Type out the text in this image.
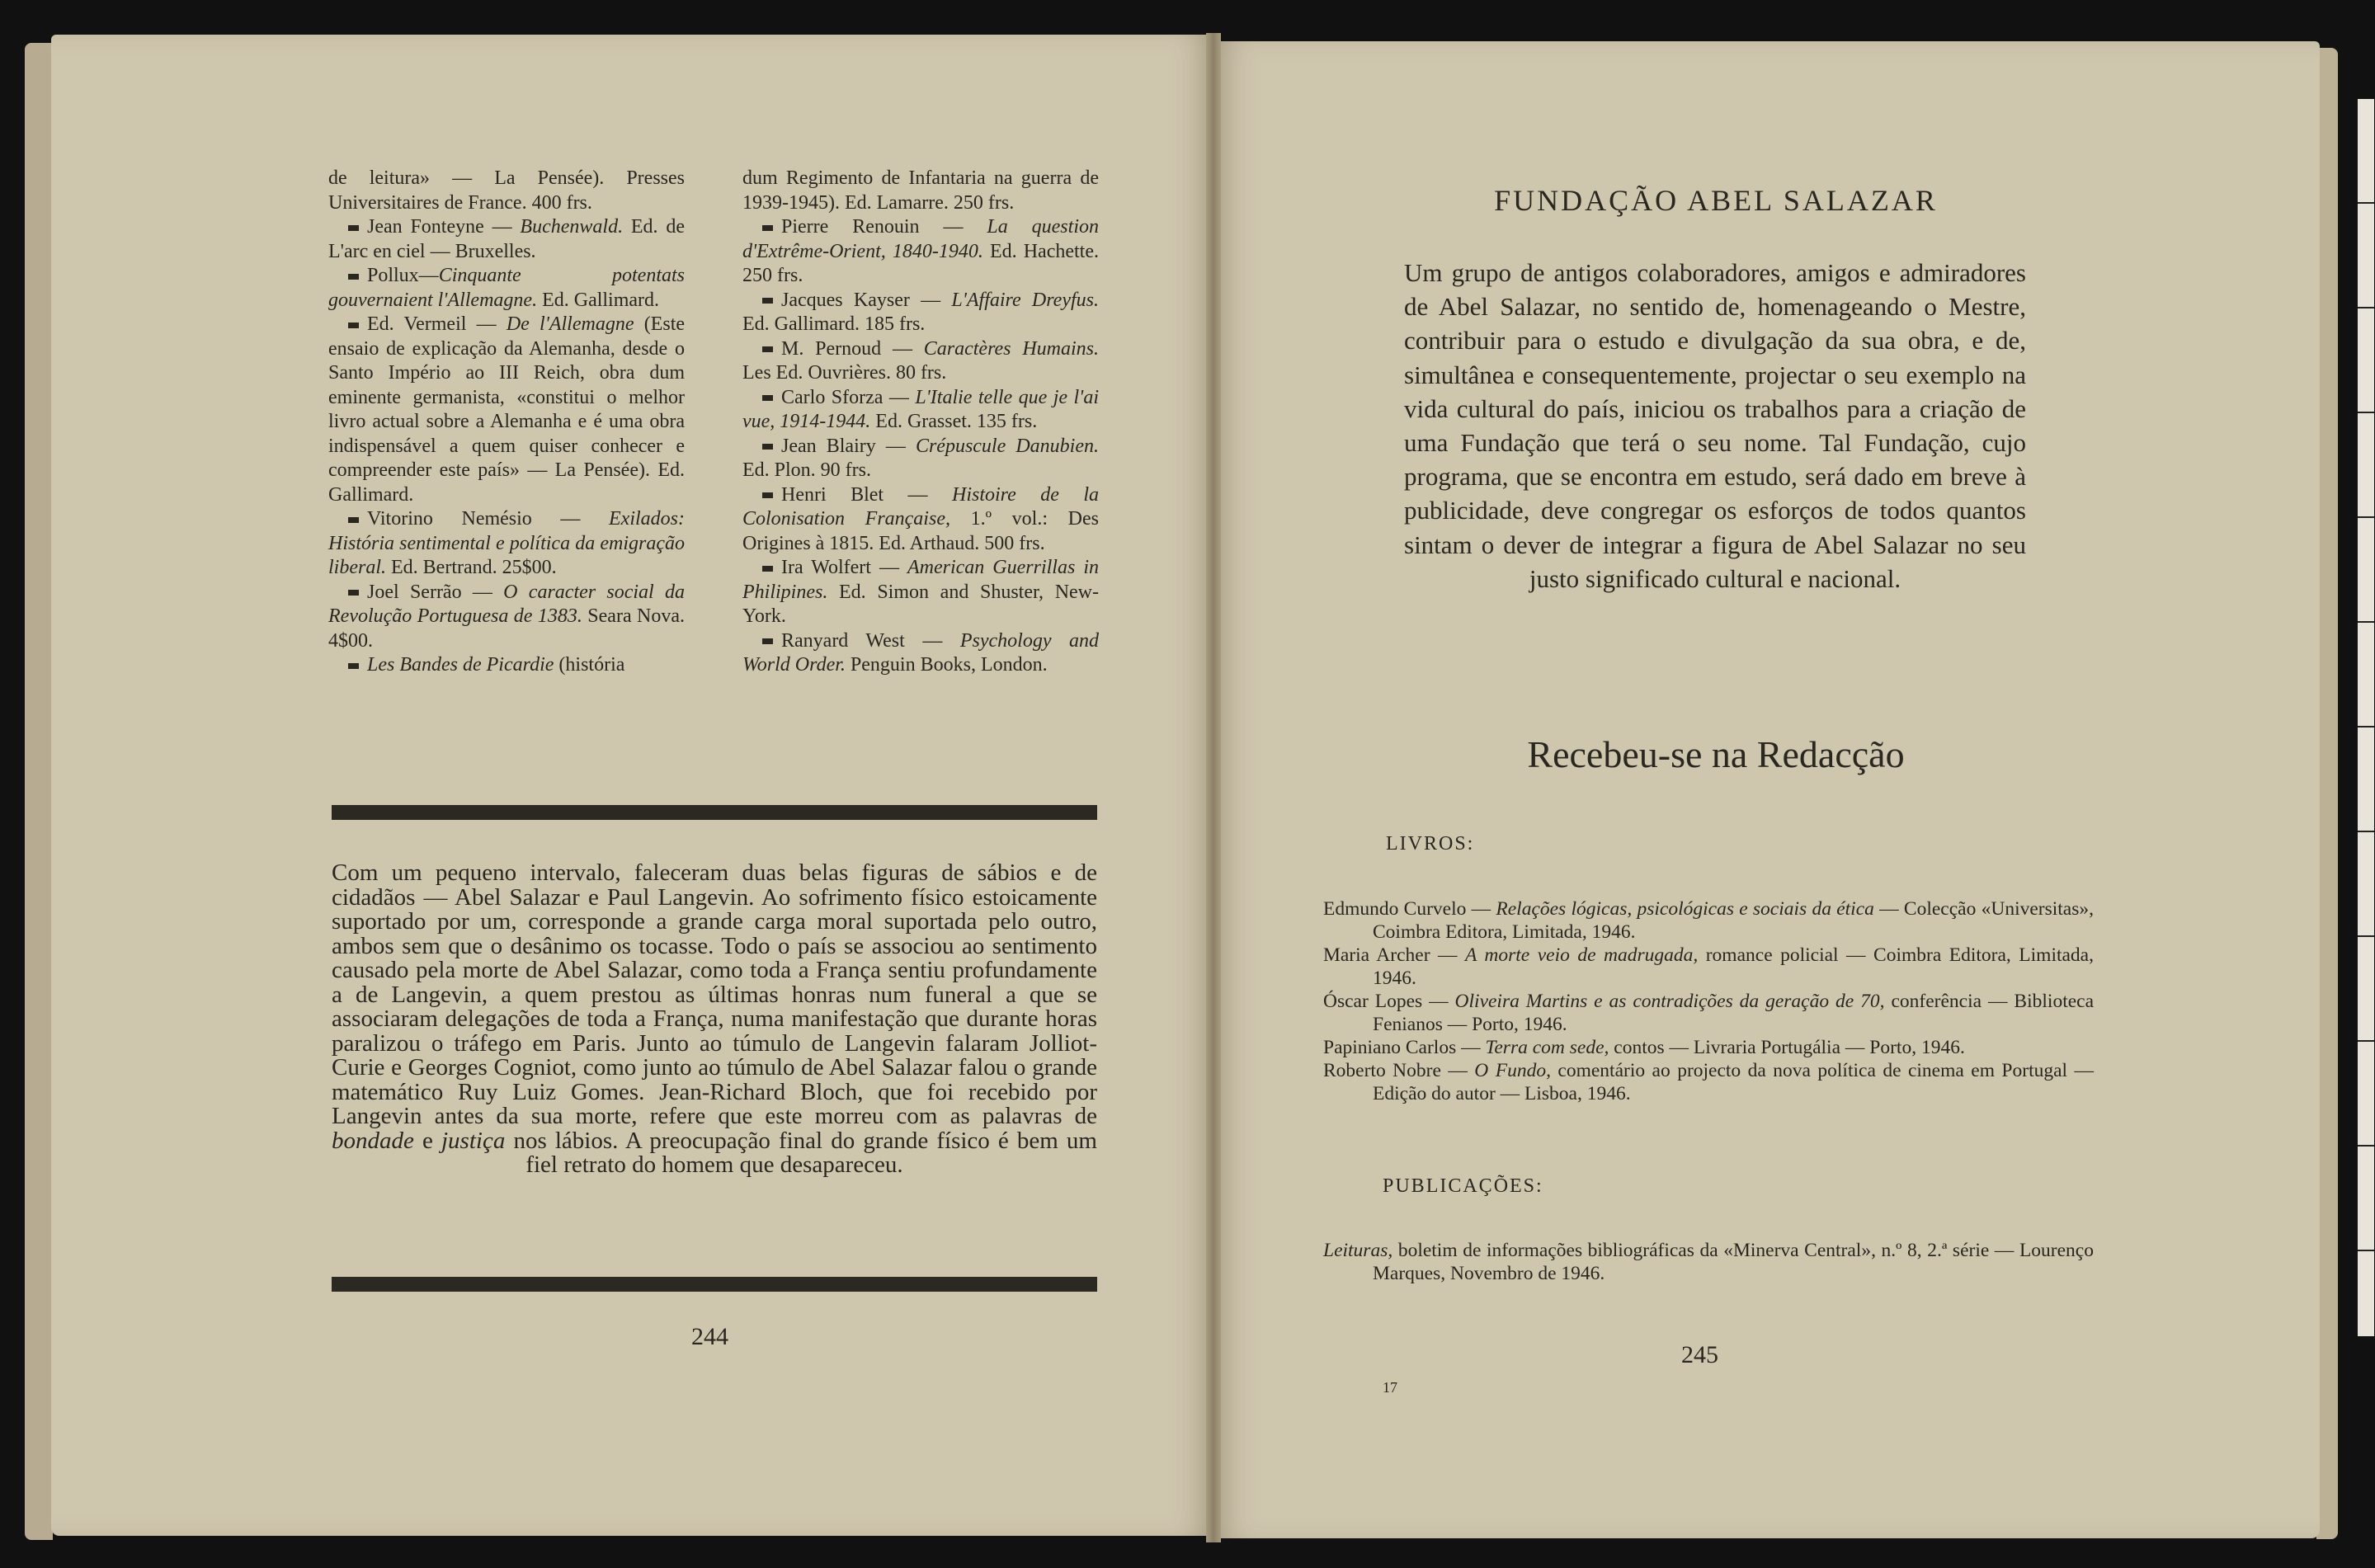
de leitura» — La Pensée). Presses Universitaires de France. 400 frs.

Jean Fonteyne — Buchenwald. Ed. de L'arc en ciel — Bruxelles.

Pollux—Cinquante potentats gouvernaient l'Allemagne. Ed. Gallimard.

Ed. Vermeil — De l'Allemagne (Este ensaio de explicação da Alemanha, desde o Santo Império ao III Reich, obra dum eminente germanista, «constitui o melhor livro actual sobre a Alemanha e é uma obra indispensável a quem quiser conhecer e compreender este país» — La Pensée). Ed. Gallimard.

Vitorino Nemésio — Exilados: História sentimental e política da emigração liberal. Ed. Bertrand. 25$00.

Joel Serrão — O caracter social da Revolução Portuguesa de 1383. Seara Nova. 4$00.

Les Bandes de Picardie (história

dum Regimento de Infantaria na guerra de 1939-1945). Ed. Lamarre. 250 frs.

Pierre Renouin — La question d'Extrême-Orient, 1840-1940. Ed. Hachette. 250 frs.

Jacques Kayser — L'Affaire Dreyfus. Ed. Gallimard. 185 frs.

M. Pernoud — Caractères Humains. Les Ed. Ouvrières. 80 frs.

Carlo Sforza — L'Italie telle que je l'ai vue, 1914-1944. Ed. Grasset. 135 frs.

Jean Blairy — Crépuscule Danubien. Ed. Plon. 90 frs.

Henri Blet — Histoire de la Colonisation Française, 1.º vol.: Des Origines à 1815. Ed. Arthaud. 500 frs.

Ira Wolfert — American Guerrillas in Philipines. Ed. Simon and Shuster, New-York.

Ranyard West — Psychology and World Order. Penguin Books, London.

Com um pequeno intervalo, faleceram duas belas figuras de sábios e de cidadãos — Abel Salazar e Paul Langevin. Ao sofrimento físico estoicamente suportado por um, corresponde a grande carga moral suportada pelo outro, ambos sem que o desânimo os tocasse. Todo o país se associou ao sentimento causado pela morte de Abel Salazar, como toda a França sentiu profundamente a de Langevin, a quem prestou as últimas honras num funeral a que se associaram delegações de toda a França, numa manifestação que durante horas paralizou o tráfego em Paris. Junto ao túmulo de Langevin falaram Jolliot-Curie e Georges Cogniot, como junto ao túmulo de Abel Salazar falou o grande matemático Ruy Luiz Gomes. Jean-Richard Bloch, que foi recebido por Langevin antes da sua morte, refere que este morreu com as palavras de bondade e justiça nos lábios. A preocupação final do grande físico é bem um fiel retrato do homem que desapareceu.
244
FUNDAÇÃO ABEL SALAZAR
Um grupo de antigos colaboradores, amigos e admiradores de Abel Salazar, no sentido de, homenageando o Mestre, contribuir para o estudo e divulgação da sua obra, e de, simultânea e consequentemente, projectar o seu exemplo na vida cultural do país, iniciou os trabalhos para a criação de uma Fundação que terá o seu nome. Tal Fundação, cujo programa, que se encontra em estudo, será dado em breve à publicidade, deve congregar os esforços de todos quantos sintam o dever de integrar a figura de Abel Salazar no seu justo significado cultural e nacional.
Recebeu-se na Redacção
LIVROS:

Edmundo Curvelo — Relações lógicas, psicológicas e sociais da ética — Colecção «Universitas», Coimbra Editora, Limitada, 1946.

Maria Archer — A morte veio de madrugada, romance policial — Coimbra Editora, Limitada, 1946.

Óscar Lopes — Oliveira Martins e as contradições da geração de 70, conferência — Biblioteca Fenianos — Porto, 1946.

Papiniano Carlos — Terra com sede, contos — Livraria Portugália — Porto, 1946.

Roberto Nobre — O Fundo, comentário ao projecto da nova política de cinema em Portugal — Edição do autor — Lisboa, 1946.

PUBLICAÇÕES:

Leituras, boletim de informações bibliográficas da «Minerva Central», n.º 8, 2.ª série — Lourenço Marques, Novembro de 1946.

245
17
